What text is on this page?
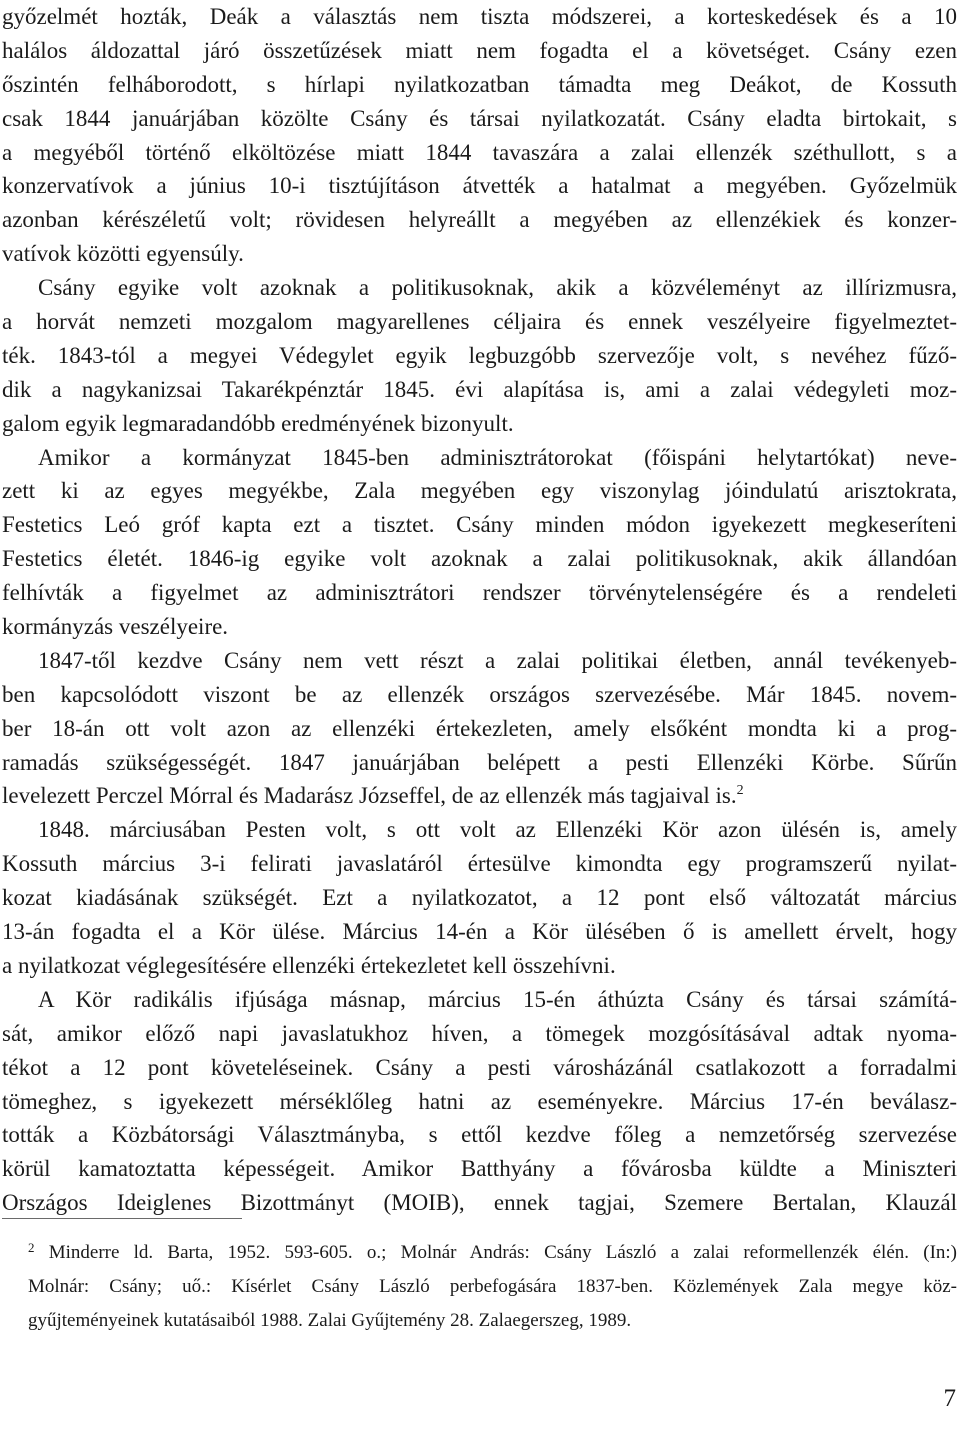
győzelmét hozták, Deák a választás nem tiszta módszerei, a korteskedések és a 10
halálos áldozattal járó összetűzések miatt nem fogadta el a követséget. Csány ezen
őszintén felháborodott, s hírlapi nyilatkozatban támadta meg Deákot, de Kossuth
csak 1844 januárjában közölte Csány és társai nyilatkozatát. Csány eladta birtokait, s
a megyéből történő elköltözése miatt 1844 tavaszára a zalai ellenzék széthullott, s a
konzervatívok a június 10-i tisztújításon átvették a hatalmat a megyében. Győzelmük
azonban kérészéletű volt; rövidesen helyreállt a megyében az ellenzékiek és konzer-
vatívok közötti egyensúly.
Csány egyike volt azoknak a politikusoknak, akik a közvéleményt az illírizmusra,
a horvát nemzeti mozgalom magyarellenes céljaira és ennek veszélyeire figyelmeztet-
ték. 1843-tól a megyei Védegylet egyik legbuzgóbb szervezője volt, s nevéhez fűző-
dik a nagykanizsai Takarékpénztár 1845. évi alapítása is, ami a zalai védegyleti moz-
galom egyik legmaradandóbb eredményének bizonyult.
Amikor a kormányzat 1845-ben adminisztrátorokat (főispáni helytartókat) neve-
zett ki az egyes megyékbe, Zala megyében egy viszonylag jóindulatú arisztokrata,
Festetics Leó gróf kapta ezt a tisztet. Csány minden módon igyekezett megkeseríteni
Festetics életét. 1846-ig egyike volt azoknak a zalai politikusoknak, akik állandóan
felhívták a figyelmet az adminisztrátori rendszer törvénytelenségére és a rendeleti
kormányzás veszélyeire.
1847-től kezdve Csány nem vett részt a zalai politikai életben, annál tevékenyeb-
ben kapcsolódott viszont be az ellenzék országos szervezésébe. Már 1845. novem-
ber 18-án ott volt azon az ellenzéki értekezleten, amely elsőként mondta ki a prog-
ramadás szükségességét. 1847 januárjában belépett a pesti Ellenzéki Körbe. Sűrűn
levelezett Perczel Mórral és Madarász Józseffel, de az ellenzék más tagjaival is.$^2$
1848. márciusában Pesten volt, s ott volt az Ellenzéki Kör azon ülésén is, amely
Kossuth március 3-i felirati javaslatáról értesülve kimondta egy programszerű nyilat-
kozat kiadásának szükségét. Ezt a nyilatkozatot, a 12 pont első változatát március
13-án fogadta el a Kör ülése. Március 14-én a Kör ülésében ő is amellett érvelt, hogy
a nyilatkozat véglegesítésére ellenzéki értekezletet kell összehívni.
A Kör radikális ifjúsága másnap, március 15-én áthúzta Csány és társai számítá-
sát, amikor előző napi javaslatukhoz híven, a tömegek mozgósításával adtak nyoma-
tékot a 12 pont követeléseinek. Csány a pesti városházánál csatlakozott a forradalmi
tömeghez, s igyekezett mérséklőleg hatni az eseményekre. Március 17-én beválasz-
tották a Közbátorsági Választmányba, s ettől kezdve főleg a nemzetőrség szervezése
körül kamatoztatta képességeit. Amikor Batthyány a fővárosba küldte a Miniszteri
Országos Ideiglenes Bizottmányt (MOIB), ennek tagjai, Szemere Bertalan, Klauzál
$^2$ Minderre ld. Barta, 1952. 593-605. o.; Molnár András: Csány László a zalai reformellenzék élén. (In:)
Molnár: Csány; uő.: Kísérlet Csány László perbefogására 1837-ben. Közlemények Zala megye köz-
gyűjteményeinek kutatásaiból 1988. Zalai Gyűjtemény 28. Zalaegerszeg, 1989.
7
